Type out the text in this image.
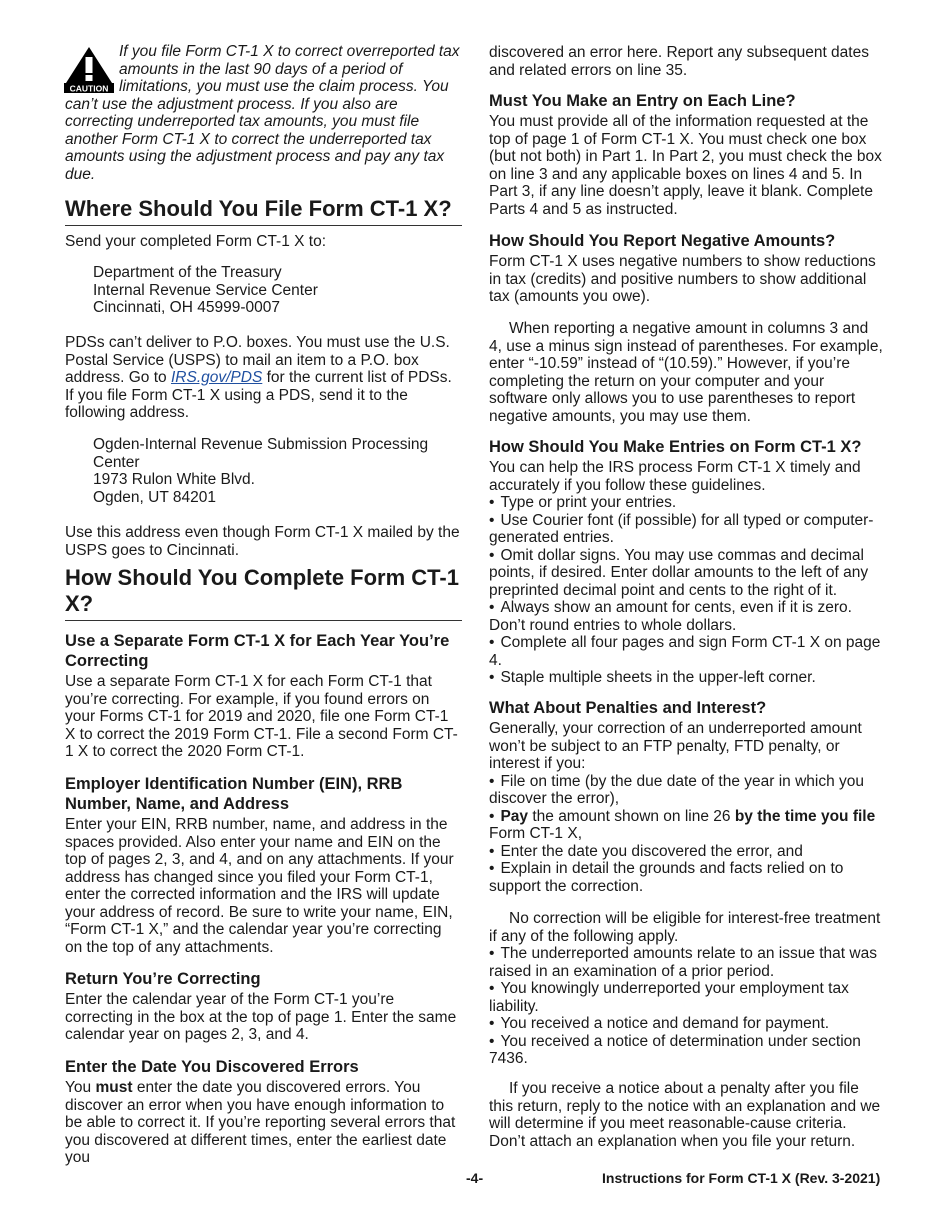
CAUTION
If you file Form CT-1 X to correct overreported tax
amounts in the last 90 days of a period of
limitations, you must use the claim process. You
can’t use the adjustment process. If you also are
correcting underreported tax amounts, you must file
another Form CT-1 X to correct the underreported tax
amounts using the adjustment process and pay any tax
due.
Where Should You File Form CT-1 X?

Send your completed Form CT-1 X to:

Department of the Treasury
Internal Revenue Service Center
Cincinnati, OH 45999-0007

PDSs can’t deliver to P.O. boxes. You must use the U.S. Postal Service (USPS) to mail an item to a P.O. box address. Go to IRS.gov/PDS for the current list of PDSs. If you file Form CT-1 X using a PDS, send it to the following address.

Ogden-Internal Revenue Submission Processing
Center
1973 Rulon White Blvd.
Ogden, UT 84201

Use this address even though Form CT-1 X mailed by the USPS goes to Cincinnati.

How Should You Complete Form CT-1 X?
Use a Separate Form CT-1 X for Each Year You’re Correcting

Use a separate Form CT-1 X for each Form CT-1 that you’re correcting. For example, if you found errors on your Forms CT-1 for 2019 and 2020, file one Form CT-1 X to correct the 2019 Form CT-1. File a second Form CT-1 X to correct the 2020 Form CT-1.

Employer Identification Number (EIN), RRB Number, Name, and Address

Enter your EIN, RRB number, name, and address in the spaces provided. Also enter your name and EIN on the top of pages 2, 3, and 4, and on any attachments. If your address has changed since you filed your Form CT-1, enter the corrected information and the IRS will update your address of record. Be sure to write your name, EIN, “Form CT-1 X,” and the calendar year you’re correcting on the top of any attachments.

Return You’re Correcting

Enter the calendar year of the Form CT-1 you’re correcting in the box at the top of page 1. Enter the same calendar year on pages 2, 3, and 4.

Enter the Date You Discovered Errors

You must enter the date you discovered errors. You discover an error when you have enough information to be able to correct it. If you’re reporting several errors that you discovered at different times, enter the earliest date you

discovered an error here. Report any subsequent dates and related errors on line 35.

Must You Make an Entry on Each Line?

You must provide all of the information requested at the top of page 1 of Form CT-1 X. You must check one box (but not both) in Part 1. In Part 2, you must check the box on line 3 and any applicable boxes on lines 4 and 5. In Part 3, if any line doesn’t apply, leave it blank. Complete Parts 4 and 5 as instructed.

How Should You Report Negative Amounts?

Form CT-1 X uses negative numbers to show reductions in tax (credits) and positive numbers to show additional tax (amounts you owe).

When reporting a negative amount in columns 3 and 4, use a minus sign instead of parentheses. For example, enter “-10.59” instead of “(10.59).” However, if you’re completing the return on your computer and your software only allows you to use parentheses to report negative amounts, you may use them.

How Should You Make Entries on Form CT-1 X?

You can help the IRS process Form CT-1 X timely and accurately if you follow these guidelines.

• Type or print your entries.
• Use Courier font (if possible) for all typed or computer-generated entries.
• Omit dollar signs. You may use commas and decimal points, if desired. Enter dollar amounts to the left of any preprinted decimal point and cents to the right of it.
• Always show an amount for cents, even if it is zero. Don’t round entries to whole dollars.
• Complete all four pages and sign Form CT-1 X on page 4.
• Staple multiple sheets in the upper-left corner.
What About Penalties and Interest?

Generally, your correction of an underreported amount won’t be subject to an FTP penalty, FTD penalty, or interest if you:

• File on time (by the due date of the year in which you discover the error),
• Pay the amount shown on line 26 by the time you file Form CT-1 X,
• Enter the date you discovered the error, and
• Explain in detail the grounds and facts relied on to support the correction.

No correction will be eligible for interest-free treatment if any of the following apply.

• The underreported amounts relate to an issue that was raised in an examination of a prior period.
• You knowingly underreported your employment tax liability.
• You received a notice and demand for payment.
• You received a notice of determination under section 7436.

If you receive a notice about a penalty after you file this return, reply to the notice with an explanation and we will determine if you meet reasonable-cause criteria. Don’t attach an explanation when you file your return.

-4-	Instructions for Form CT-1 X (Rev. 3-2021)
